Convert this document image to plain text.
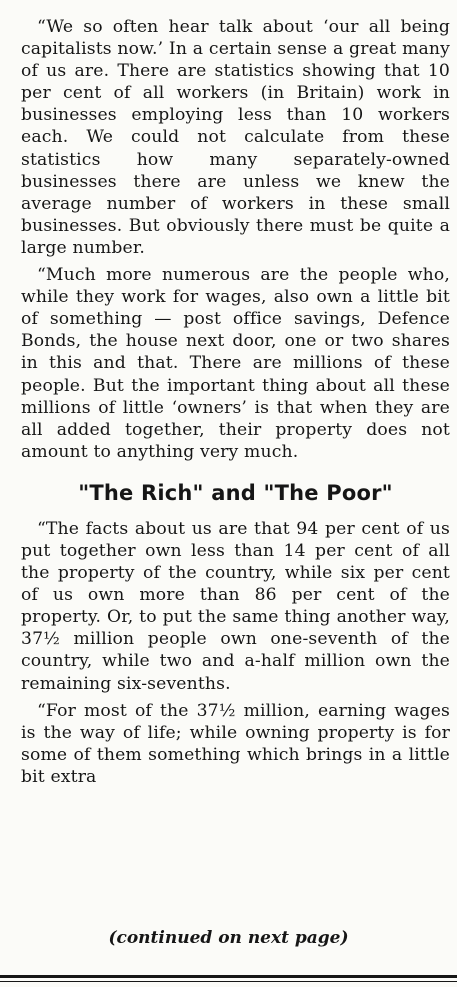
“We so often hear talk about ‘our all being capitalists now.’ In a certain sense a great many of us are. There are statistics showing that 10 per cent of all workers (in Britain) work in businesses employing less than 10 workers each. We could not calculate from these statistics how many separately-owned businesses there are unless we knew the average number of workers in these small businesses. But obviously there must be quite a large number.

“Much more numerous are the people who, while they work for wages, also own a little bit of something — post office savings, Defence Bonds, the house next door, one or two shares in this and that. There are millions of these people. But the important thing about all these millions of little ‘owners’ is that when they are all added together, their property does not amount to anything very much.

"The Rich" and "The Poor"

“The facts about us are that 94 per cent of us put together own less than 14 per cent of all the property of the country, while six per cent of us own more than 86 per cent of the property. Or, to put the same thing another way, 37½ million people own one-seventh of the country, while two and a-half million own the remaining six-sevenths.

“For most of the 37½ million, earning wages is the way of life; while owning property is for some of them something which brings in a little bit extra

(continued on next page)
